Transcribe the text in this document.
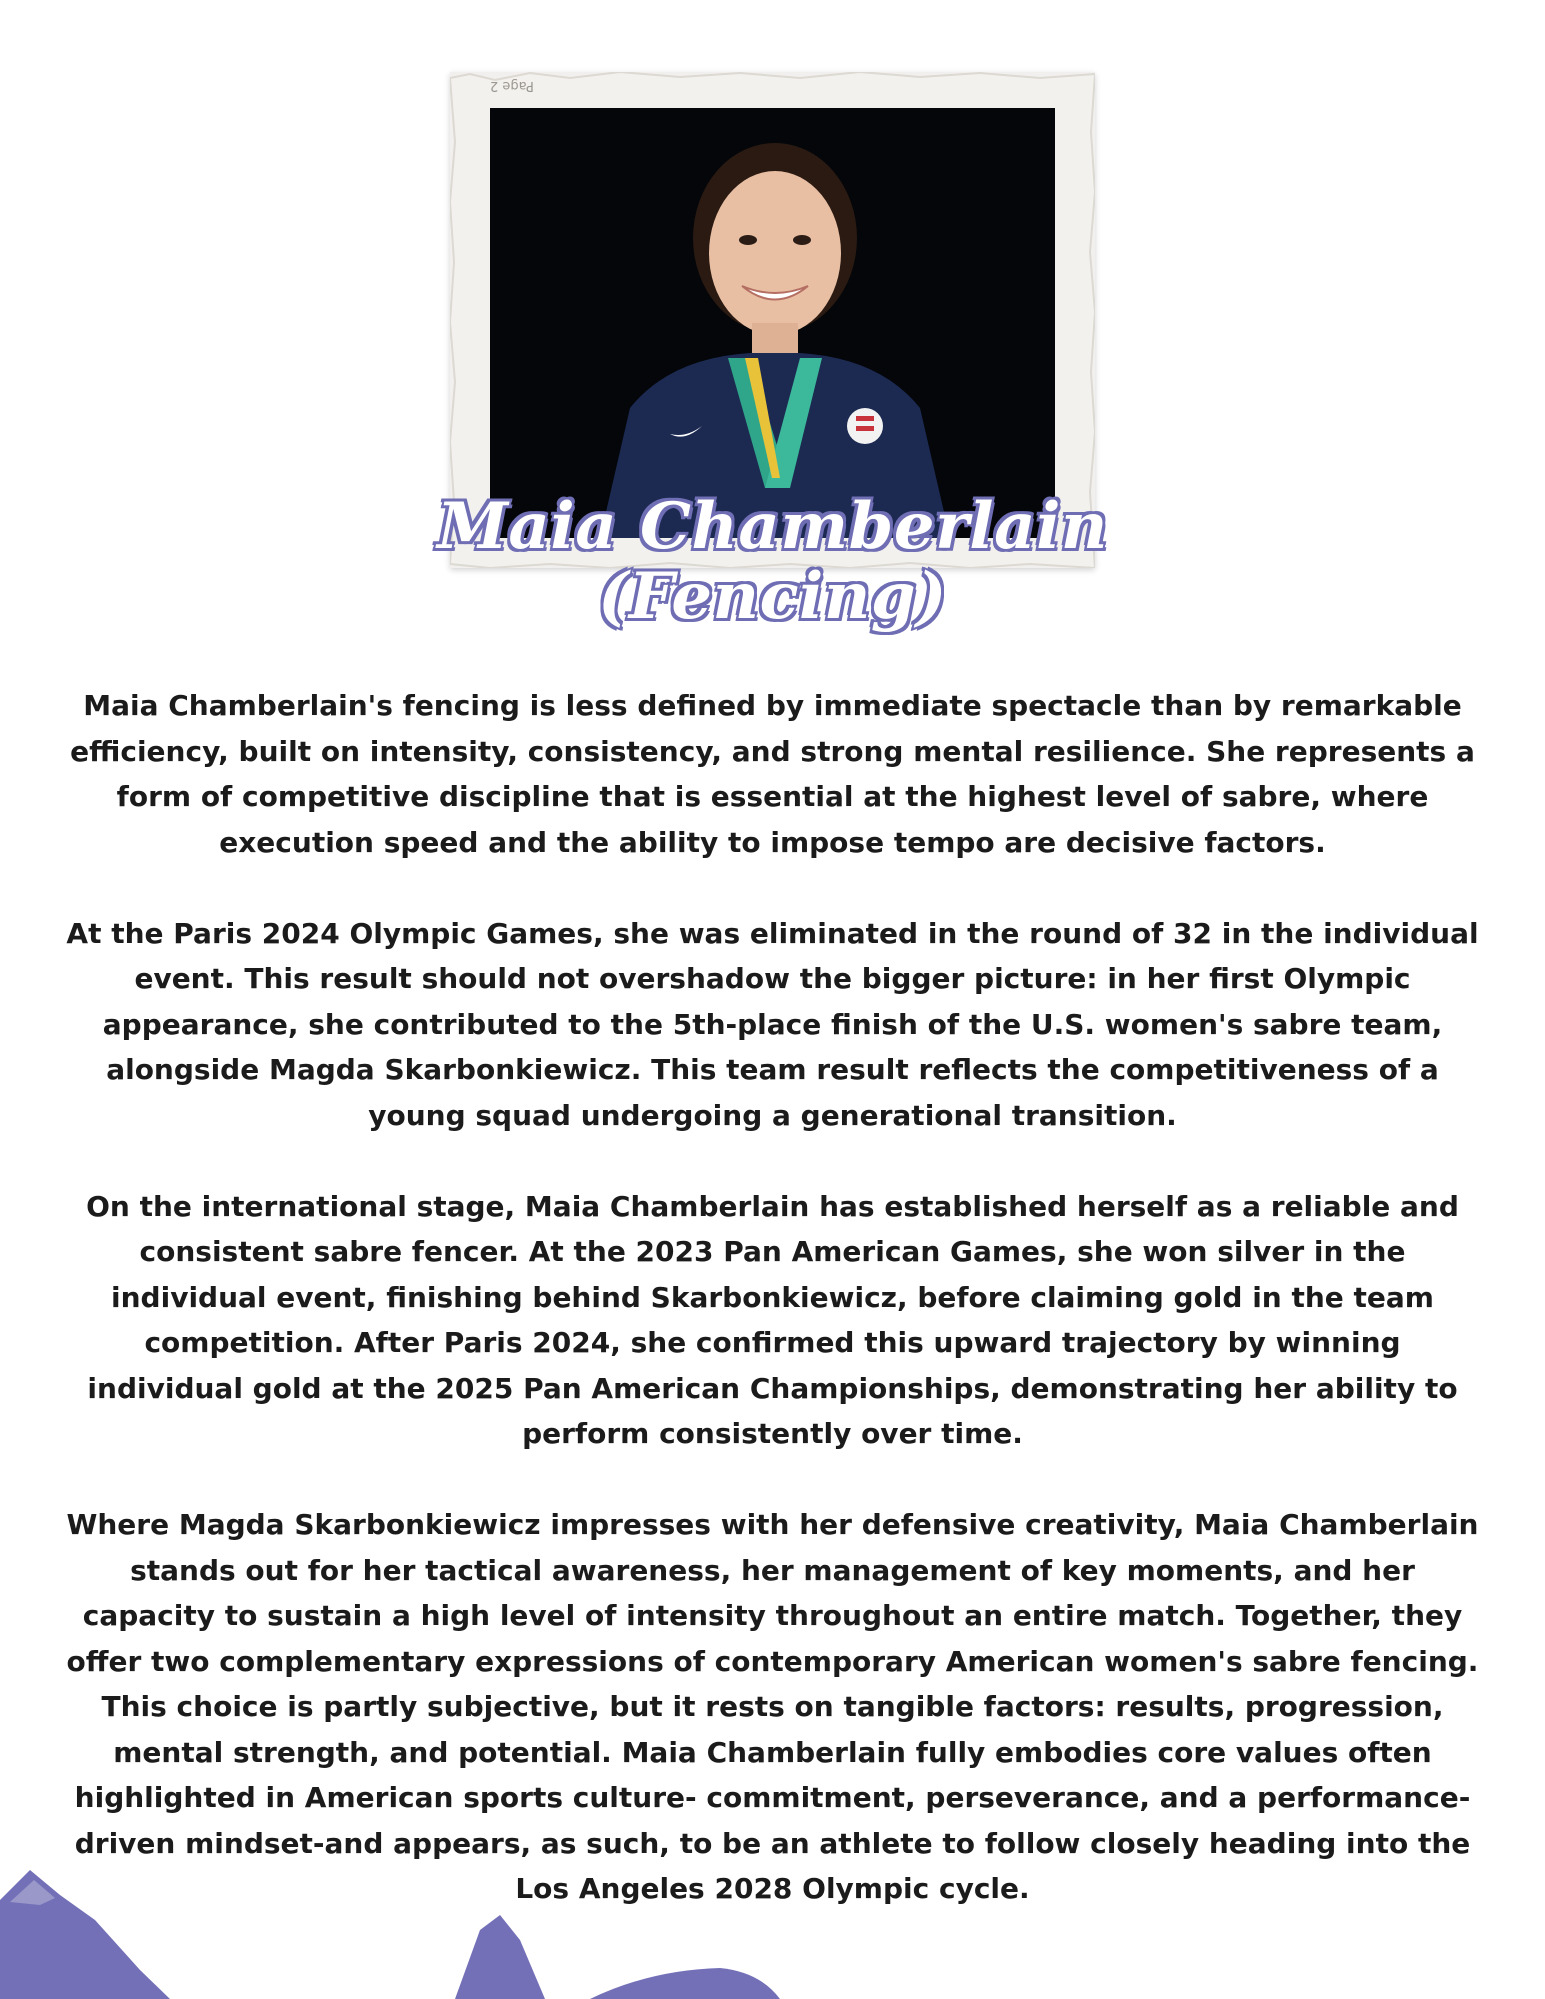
Page 2
Maia Chamberlain
(Fencing)

Maia Chamberlain's fencing is less defined by immediate spectacle than by remarkable efficiency, built on intensity, consistency, and strong mental resilience. She represents a form of competitive discipline that is essential at the highest level of sabre, where execution speed and the ability to impose tempo are decisive factors.

At the Paris 2024 Olympic Games, she was eliminated in the round of 32 in the individual event. This result should not overshadow the bigger picture: in her first Olympic appearance, she contributed to the 5th-place finish of the U.S. women's sabre team, alongside Magda Skarbonkiewicz. This team result reflects the competitiveness of a young squad undergoing a generational transition.

On the international stage, Maia Chamberlain has established herself as a reliable and consistent sabre fencer. At the 2023 Pan American Games, she won silver in the individual event, finishing behind Skarbonkiewicz, before claiming gold in the team competition. After Paris 2024, she confirmed this upward trajectory by winning individual gold at the 2025 Pan American Championships, demonstrating her ability to perform consistently over time.

Where Magda Skarbonkiewicz impresses with her defensive creativity, Maia Chamberlain stands out for her tactical awareness, her management of key moments, and her capacity to sustain a high level of intensity throughout an entire match. Together, they offer two complementary expressions of contemporary American women's sabre fencing. This choice is partly subjective, but it rests on tangible factors: results, progression, mental strength, and potential. Maia Chamberlain fully embodies core values often highlighted in American sports culture- commitment, perseverance, and a performance-driven mindset-and appears, as such, to be an athlete to follow closely heading into the Los Angeles 2028 Olympic cycle.
